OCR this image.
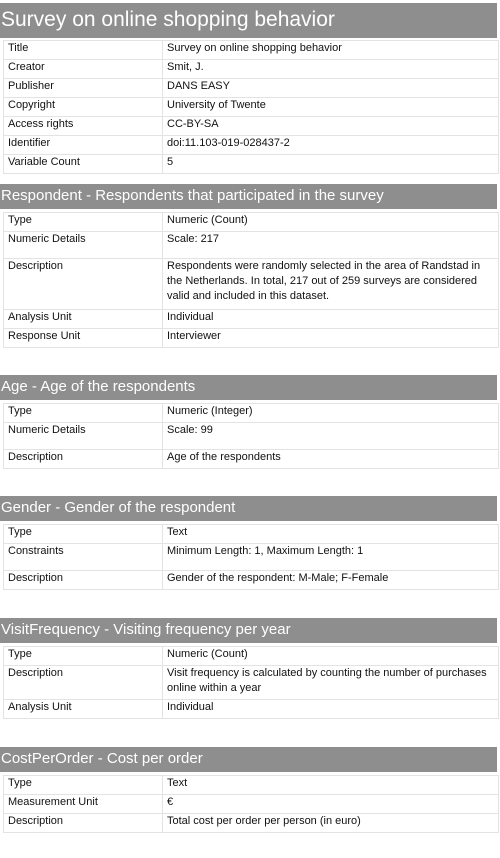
Survey on online shopping behavior
Title	Survey on online shopping behavior
Creator	Smit, J.
Publisher	DANS EASY
Copyright	University of Twente
Access rights	CC-BY-SA
Identifier	doi:11.103-019-028437-2
Variable Count	5
Respondent - Respondents that participated in the survey
Type	Numeric (Count)
Numeric Details	Scale: 217
Description	Respondents were randomly selected in the area of Randstad in the Netherlands. In total, 217 out of 259 surveys are considered valid and included in this dataset.
Analysis Unit	Individual
Response Unit	Interviewer
Age - Age of the respondents
Type	Numeric (Integer)
Numeric Details	Scale: 99
Description	Age of the respondents
Gender - Gender of the respondent
Type	Text
Constraints	Minimum Length: 1, Maximum Length: 1
Description	Gender of the respondent: M-Male; F-Female
VisitFrequency - Visiting frequency per year
Type	Numeric (Count)
Description	Visit frequency is calculated by counting the number of purchases online within a year
Analysis Unit	Individual
CostPerOrder - Cost per order
Type	Text
Measurement Unit	€
Description	Total cost per order per person (in euro)
